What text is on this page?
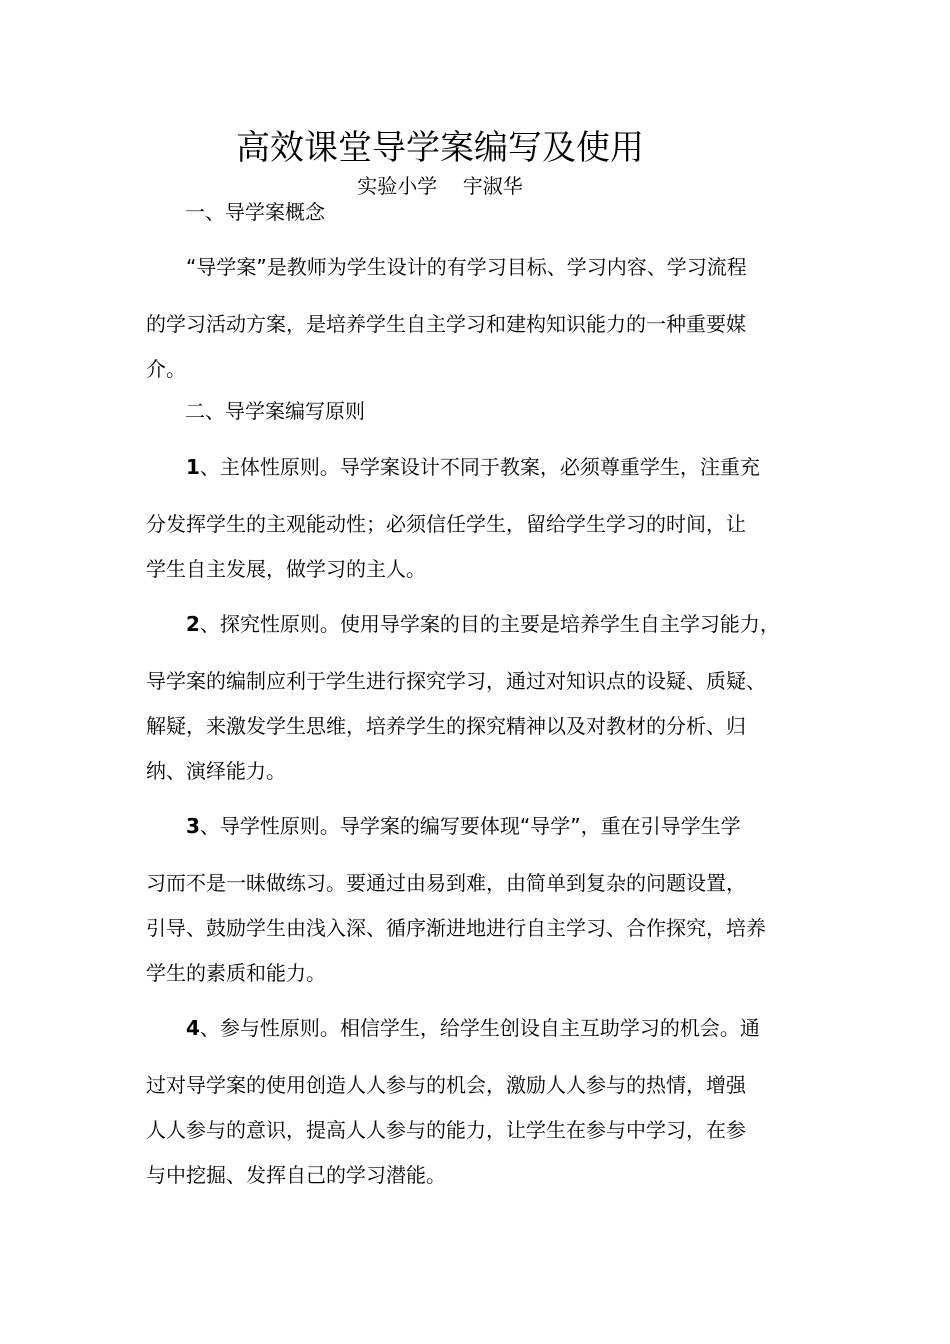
高效课堂导学案编写及使用
实验小学    宇淑华
一、导学案概念
“导学案”是教师为学生设计的有学习目标、学习内容、学习流程
的学习活动方案，是培养学生自主学习和建构知识能力的一种重要媒
介。
二、导学案编写原则
1、主体性原则。导学案设计不同于教案，必须尊重学生，注重充
分发挥学生的主观能动性；必须信任学生，留给学生学习的时间，让
学生自主发展，做学习的主人。
2、探究性原则。使用导学案的目的主要是培养学生自主学习能力，
导学案的编制应利于学生进行探究学习，通过对知识点的设疑、质疑、
解疑，来激发学生思维，培养学生的探究精神以及对教材的分析、归
纳、演绎能力。
3、导学性原则。导学案的编写要体现“导学”，重在引导学生学
习而不是一昧做练习。要通过由易到难，由简单到复杂的问题设置，
引导、鼓励学生由浅入深、循序渐进地进行自主学习、合作探究，培养
学生的素质和能力。
4、参与性原则。相信学生，给学生创设自主互助学习的机会。通
过对导学案的使用创造人人参与的机会，激励人人参与的热情，增强
人人参与的意识，提高人人参与的能力，让学生在参与中学习，在参
与中挖掘、发挥自己的学习潜能。
